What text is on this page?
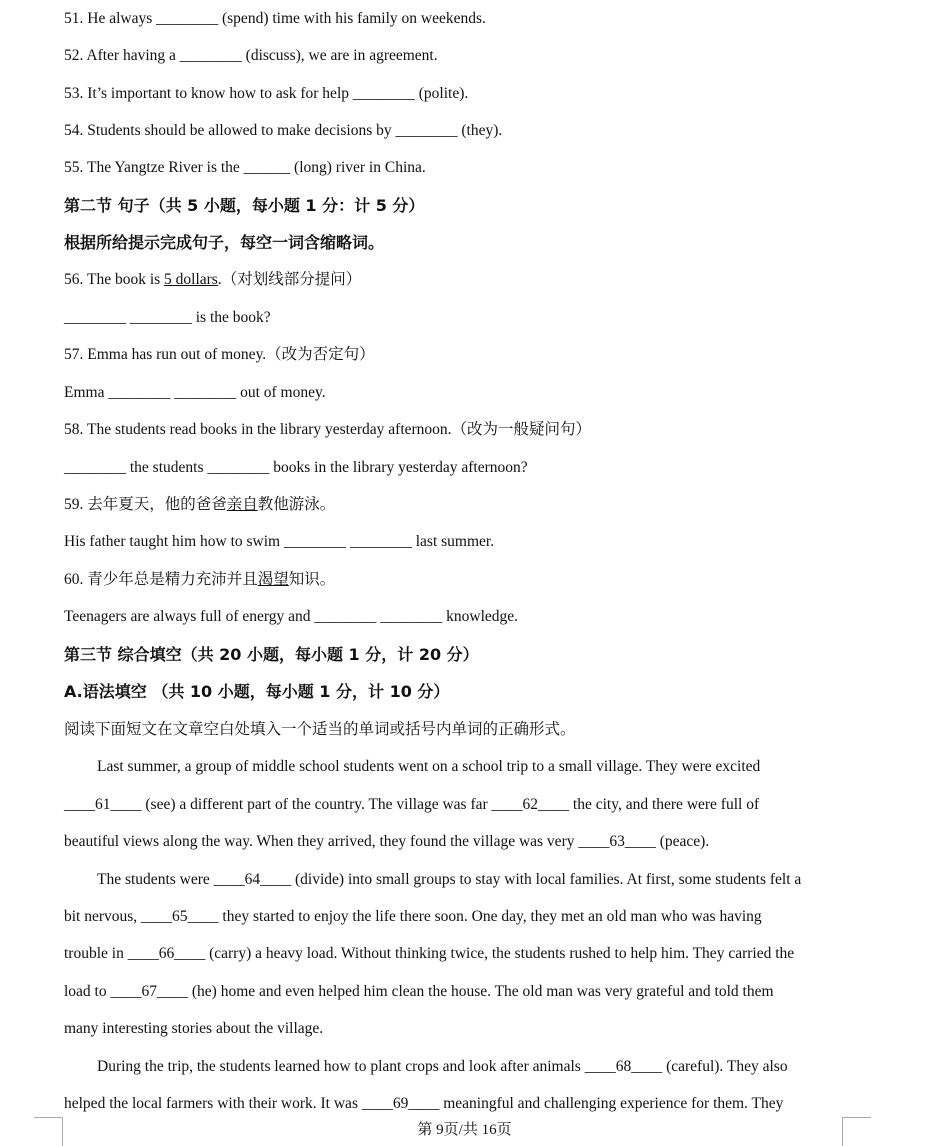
51. He always ________ (spend) time with his family on weekends.
52. After having a ________ (discuss), we are in agreement.
53. It’s important to know how to ask for help ________ (polite).
54. Students should be allowed to make decisions by ________ (they).
55. The Yangtze River is the ______ (long) river in China.
第二节 句子（共 5 小题，每小题 1 分：计 5 分）
根据所给提示完成句子，每空一词含缩略词。
56. The book is 5 dollars.（对划线部分提问）
________ ________ is the book?
57. Emma has run out of money.（改为否定句）
Emma ________ ________ out of money.
58. The students read books in the library yesterday afternoon.（改为一般疑问句）
________ the students ________ books in the library yesterday afternoon?
59. 去年夏天，他的爸爸亲自教他游泳。
His father taught him how to swim ________ ________ last summer.
60. 青少年总是精力充沛并且渴望知识。
Teenagers are always full of energy and ________ ________ knowledge.
第三节 综合填空（共 20 小题，每小题 1 分，计 20 分）
A.语法填空 （共 10 小题，每小题 1 分，计 10 分）
阅读下面短文在文章空白处填入一个适当的单词或括号内单词的正确形式。
Last summer, a group of middle school students went on a school trip to a small village. They were excited
____61____ (see) a different part of the country. The village was far ____62____ the city, and there were full of
beautiful views along the way. When they arrived, they found the village was very ____63____ (peace).
The students were ____64____ (divide) into small groups to stay with local families. At first, some students felt a
bit nervous, ____65____ they started to enjoy the life there soon. One day, they met an old man who was having
trouble in ____66____ (carry) a heavy load. Without thinking twice, the students rushed to help him. They carried the
load to ____67____ (he) home and even helped him clean the house. The old man was very grateful and told them
many interesting stories about the village.
During the trip, the students learned how to plant crops and look after animals ____68____ (careful). They also
helped the local farmers with their work. It was ____69____ meaningful and challenging experience for them. They
第 9页/共 16页
